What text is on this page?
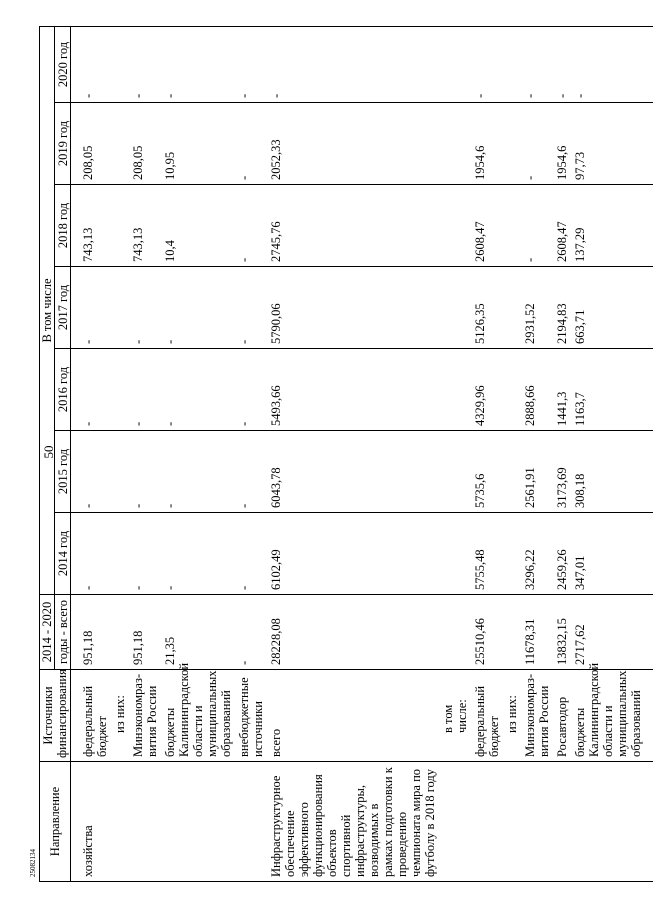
50
25082134
Направление	Источники финансирования	2014 - 2020	В том числе						
		годы - всего	2014 год	2015 год	2016 год	2017 год	2018 год	2019 год	2020 год

хозяйства	федеральный бюджет	951,18	-	-	-	-	743,13	208,05	-
	из них:								
	Минэкономраз-вития России	951,18	-	-	-	-	743,13	208,05	-
	бюджеты Калининградской области и муниципальных образований	21,35	-	-	-	-	10,4	10,95	-
	внебюджетные источники	-	-	-	-	-	-	-	-
Инфраструктурное обеспечение эффективного функционирования объектов спортивной инфраструктуры, возводимых в рамках подготовки к проведению чемпионата мира по футболу в 2018 году	всего	28228,08	6102,49	6043,78	5493,66	5790,06	2745,76	2052,33	-
	в том числе:								
	федеральный бюджет	25510,46	5755,48	5735,6	4329,96	5126,35	2608,47	1954,6	-
	из них:								
	Минэкономраз-вития России	11678,31	3296,22	2561,91	2888,66	2931,52	-	-	-
	Росавтодор	13832,15	2459,26	3173,69	1441,3	2194,83	2608,47	1954,6	-
	бюджеты Калининградской области и муниципальных образований	2717,62	347,01	308,18	1163,7	663,71	137,29	97,73	-
